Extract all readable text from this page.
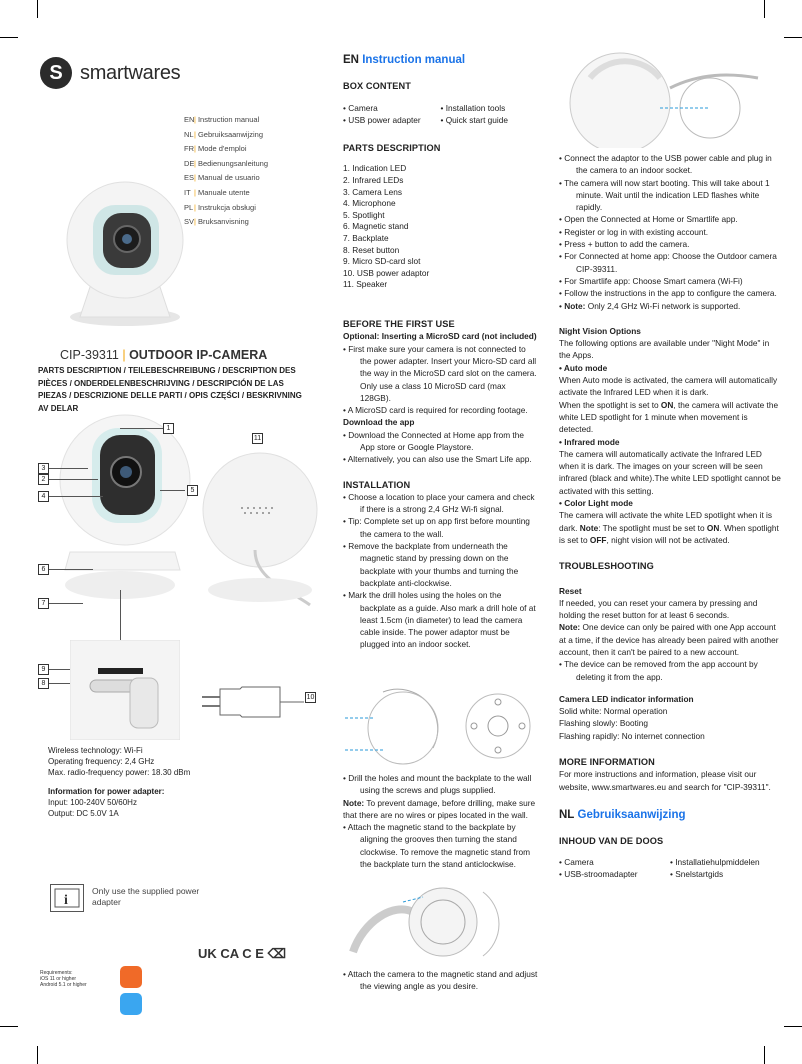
S smartwares
EN| Instruction manual
NL| Gebruiksaanwijzing
FR| Mode d'emploi
DE| Bedienungsanleitung
ES| Manual de usuario
IT | Manuale utente
PL| Instrukcja obsługi
SV| Bruksanvisning
CIP-39311 | OUTDOOR IP-CAMERA
PARTS DESCRIPTION / TEILEBESCHREIBUNG / DESCRIPTION DES PIÈCES / ONDERDELENBESCHRIJVING / DESCRIPCIÓN DE LAS PIEZAS / DESCRIZIONE DELLE PARTI / OPIS CZĘŚCI / BESKRIVNING AV DELAR
1
2
3
4
5
6
7
8
9
10
11
Wireless technology: Wi-Fi
Operating frequency: 2,4 GHz
Max. radio-frequency power: 18.30 dBm
Information for power adapter:
Input: 100-240V 50/60Hz
Output: DC 5.0V 1A
i
Only use the supplied power adapter
UK CA C E ⌫
Requirements:
iOS 11 or higher
Android 5.1 or higher
EN Instruction manual
BOX CONTENT
• Camera
• USB power adapter
• Installation tools
• Quick start guide
PARTS DESCRIPTION
1. Indication LED
2. Infrared LEDs
3. Camera Lens
4. Microphone
5. Spotlight
6. Magnetic stand
7. Backplate
8. Reset button
9. Micro SD-card slot
10. USB power adaptor
11. Speaker
BEFORE THE FIRST USE
Optional: Inserting a MicroSD card (not included)
• First make sure your camera is not connected to the power adapter. Insert your Micro-SD card all the way in the MicroSD card slot on the camera. Only use a class 10 MicroSD card (max 128GB).
• A MicroSD card is required for recording footage.
Download the app
• Download the Connected at Home app from the App store or Google Playstore.
• Alternatively, you can also use the Smart Life app.
INSTALLATION
• Choose a location to place your camera and check if there is a strong 2,4 GHz Wi-fi signal.
• Tip: Complete set up on app first before mounting the camera to the wall.
• Remove the backplate from underneath the magnetic stand by pressing down on the backplate with your thumbs and turning the backplate anti-clockwise.
• Mark the drill holes using the holes on the backplate as a guide. Also mark a drill hole of at least 1.5cm (in diameter) to lead the camera cable inside. The power adaptor must be plugged into an indoor socket.
• Drill the holes and mount the backplate to the wall using the screws and plugs supplied.
Note: To prevent damage, before drilling, make sure that there are no wires or pipes located in the wall.
• Attach the magnetic stand to the backplate by aligning the grooves then turning the stand clockwise. To remove the magnetic stand from the backplate turn the stand anticlockwise.
• Attach the camera to the magnetic stand and adjust the viewing angle as you desire.
• Connect the adaptor to the USB power cable and plug in the camera to an indoor socket.
• The camera will now start booting. This will take about 1 minute. Wait until the indication LED flashes white rapidly.
• Open the Connected at Home or Smartlife app.
• Register or log in with existing account.
• Press + button to add the camera.
• For Connected at home app: Choose the Outdoor camera CIP-39311.
• For Smartlife app: Choose Smart camera (Wi-Fi)
• Follow the instructions in the app to configure the camera.
• Note: Only 2,4 GHz Wi-Fi network is supported.
Night Vision Options
The following options are available under "Night Mode" in the Apps.
• Auto mode
When Auto mode is activated, the camera will automatically activate the Infrared LED when it is dark.
When the spotlight is set to ON, the camera will activate the white LED spotlight for 1 minute when movement is detected.
• Infrared mode
The camera will automatically activate the Infrared LED when it is dark. The images on your screen will be seen infrared (black and white).The white LED spotlight cannot be activated with this setting.
• Color Light mode
The camera will activate the white LED spotlight when it is dark. Note: The spotlight must be set to ON. When spotlight is set to OFF, night vision will not be activated.
TROUBLESHOOTING
Reset
If needed, you can reset your camera by pressing and holding the reset button for at least 6 seconds.
Note: One device can only be paired with one App account at a time, if the device has already been paired with another account, then it can't be paired to a new account.
• The device can be removed from the app account by deleting it from the app.
Camera LED indicator information
Solid white: Normal operation
Flashing slowly: Booting
Flashing rapidly: No internet connection
MORE INFORMATION
For more instructions and information, please visit our website, www.smartwares.eu and search for "CIP-39311".
NL Gebruiksaanwijzing
INHOUD VAN DE DOOS
• Camera
• USB-stroomadapter
• Installatiehulpmiddelen
• Snelstartgids
